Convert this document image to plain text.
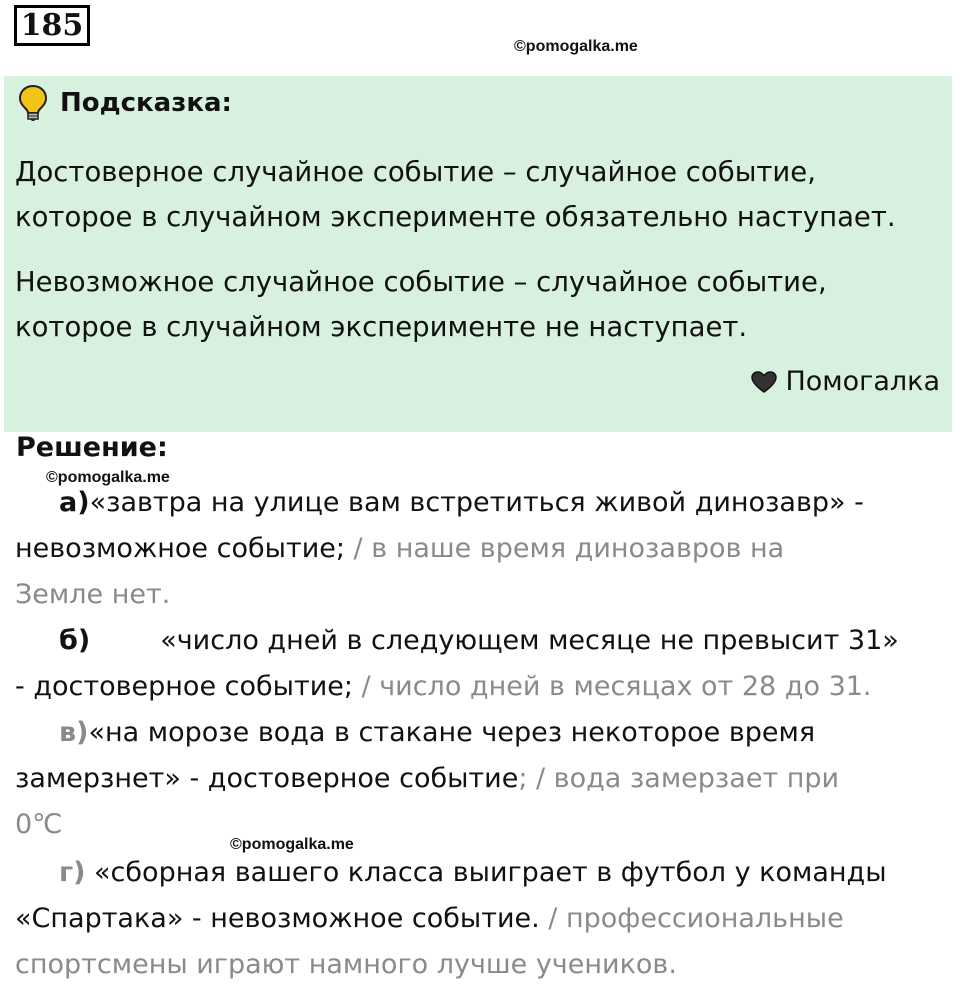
185
©pomogalka.me
Подсказка:

Достоверное случайное событие – случайное событие,
которое в случайном эксперименте обязательно наступает.

Невозможное случайное событие – случайное событие,
которое в случайном эксперименте не наступает.

Помогалка
Решение:
©pomogalka.me

а)«завтра на улице вам встретиться живой динозавр» -
невозможное событие; / в наше время динозавров на
Земле нет.

б)	«число дней в следующем месяце не превысит 31»
- достоверное событие; / число дней в месяцах от 28 до 31.

в)«на морозе вода в стакане через некоторое время
замерзнет» - достоверное событие; / вода замерзает при
0℃

©pomogalka.me

г) «сборная вашего класса выиграет в футбол у команды
«Спартака» - невозможное событие. / профессиональные
спортсмены играют намного лучше учеников.
